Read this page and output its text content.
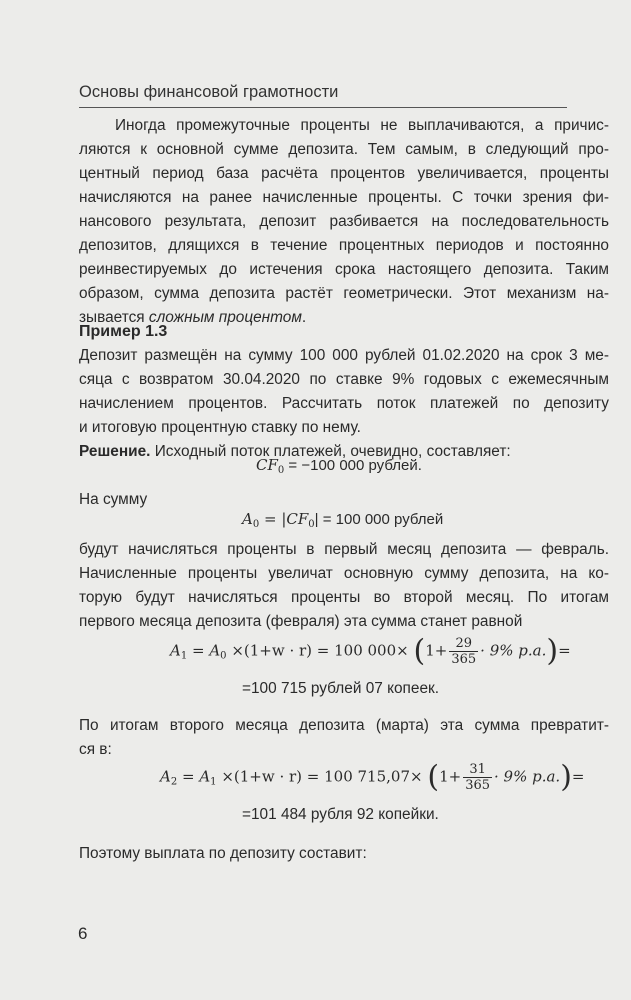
Основы финансовой грамотности
Иногда промежуточные проценты не выплачиваются, а причис-
ляются к основной сумме депозита. Тем самым, в следующий про-
центный период база расчёта процентов увеличивается, проценты
начисляются на ранее начисленные проценты. С точки зрения фи-
нансового результата, депозит разбивается на последовательность
депозитов, длящихся в течение процентных периодов и постоянно
реинвестируемых до истечения срока настоящего депозита. Таким
образом, сумма депозита растёт геометрически. Этот механизм на-
зывается сложным процентом.
Пример 1.3
Депозит размещён на сумму 100 000 рублей 01.02.2020 на срок 3 ме-
сяца с возвратом 30.04.2020 по ставке 9% годовых с ежемесячным
начислением процентов. Рассчитать поток платежей по депозиту
и итоговую процентную ставку по нему.
Решение. Исходный поток платежей, очевидно, составляет:
$CF_0 = -100$ 000 рублей.
На сумму
$A_0 = |CF_0| = 100$ 000 рублей
будут начисляться проценты в первый месяц депозита — февраль.
Начисленные проценты увеличат основную сумму депозита, на ко-
торую будут начисляться проценты во второй месяц. По итогам
первого месяца депозита (февраля) эта сумма станет равной
$A_1 = A_0 \times(1+w \cdot r) = 100$ $000\times (1+ \frac{29}{365} \cdot 9\%$ p.a.)=
=100 715 рублей 07 копеек.
По итогам второго месяца депозита (марта) эта сумма превратит-
ся в:
$A_2 = A_1 \times(1+w \cdot r) = 100$ $715,07\times (1+ \frac{31}{365} \cdot 9\%$ p.a.)=
=101 484 рубля 92 копейки.
Поэтому выплата по депозиту составит:
6
